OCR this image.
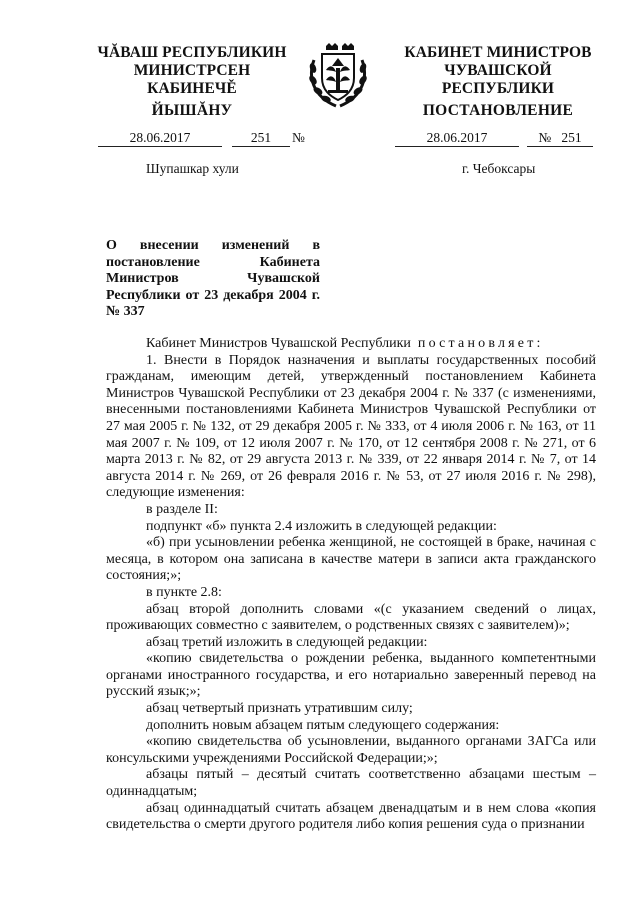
ЧĂВАШ РЕСПУБЛИКИН
МИНИСТРСЕН КАБИНЕЧĚ
КАБИНЕТ МИНИСТРОВ
ЧУВАШСКОЙ РЕСПУБЛИКИ
ЙЫШĂНУ	ПОСТАНОВЛЕНИЕ
28.06.2017	251	№	28.06.2017	№ 251
Шупашкар хули	г. Чебоксары
О внесении изменений в постановление Кабинета Министров Чувашской Республики от 23 декабря 2004 г. № 337

Кабинет Министров Чувашской Республики постановляет:

1. Внести в Порядок назначения и выплаты государственных пособий гражданам, имеющим детей, утвержденный постановлением Кабинета Министров Чувашской Республики от 23 декабря 2004 г. № 337 (с изменениями, внесенными постановлениями Кабинета Министров Чувашской Республики от 27 мая 2005 г. № 132, от 29 декабря 2005 г. № 333, от 4 июля 2006 г. № 163, от 11 мая 2007 г. № 109, от 12 июля 2007 г. № 170, от 12 сентября 2008 г. № 271, от 6 марта 2013 г. № 82, от 29 августа 2013 г. № 339, от 22 января 2014 г. № 7, от 14 августа 2014 г. № 269, от 26 февраля 2016 г. № 53, от 27 июля 2016 г. № 298), следующие изменения:

в разделе II:

подпункт «б» пункта 2.4 изложить в следующей редакции:

«б) при усыновлении ребенка женщиной, не состоящей в браке, начиная с месяца, в котором она записана в качестве матери в записи акта гражданского состояния;»;

в пункте 2.8:

абзац второй дополнить словами «(с указанием сведений о лицах, проживающих совместно с заявителем, о родственных связях с заявителем)»;

абзац третий изложить в следующей редакции:

«копию свидетельства о рождении ребенка, выданного компетентными органами иностранного государства, и его нотариально заверенный перевод на русский язык;»;

абзац четвертый признать утратившим силу;

дополнить новым абзацем пятым следующего содержания:

«копию свидетельства об усыновлении, выданного органами ЗАГСа или консульскими учреждениями Российской Федерации;»;

абзацы пятый – десятый считать соответственно абзацами шестым – одиннадцатым;

абзац одиннадцатый считать абзацем двенадцатым и в нем слова «копия свидетельства о смерти другого родителя либо копия решения суда о признании
